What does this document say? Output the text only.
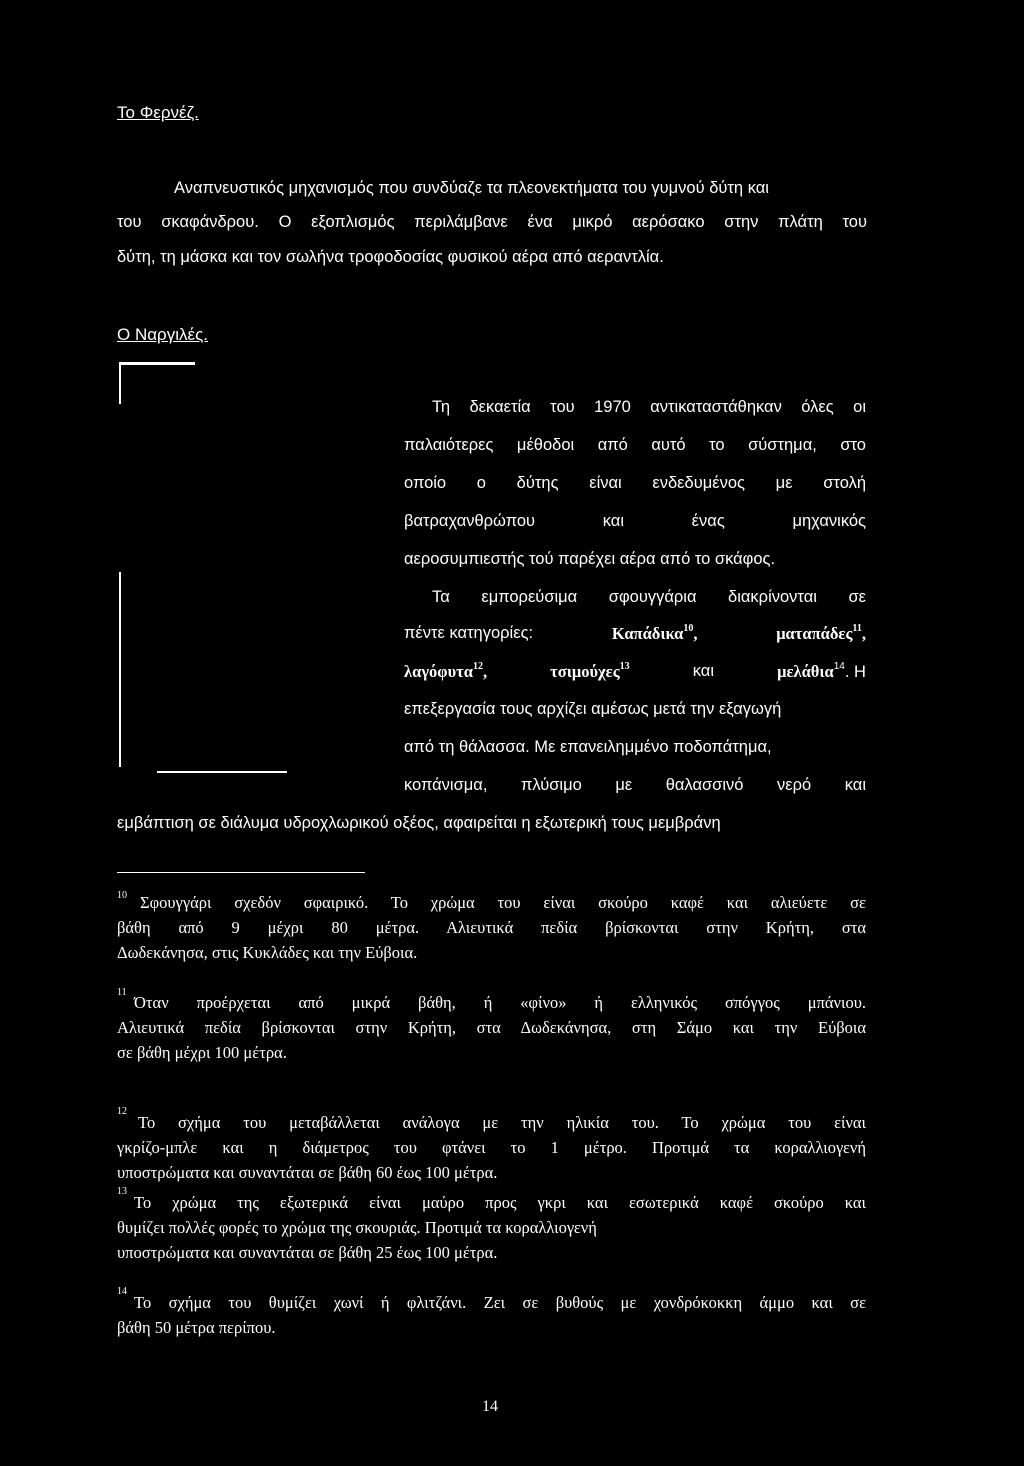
Το Φερνέζ.
Αναπνευστικός μηχανισμός που συνδύαζε τα πλεονεκτήματα του γυμνού δύτη και
του σκαφάνδρου. Ο εξοπλισμός περιλάμβανε ένα μικρό αερόσακο στην πλάτη του
δύτη, τη μάσκα και τον σωλήνα τροφοδοσίας φυσικού αέρα από αεραντλία.
Ο Ναργιλές.
Τη δεκαετία του 1970 αντικαταστάθηκαν όλες οι
παλαιότερες μέθοδοι από αυτό το σύστημα, στο
οποίο ο δύτης είναι ενδεδυμένος με στολή
βατραχανθρώπου και ένας μηχανικός
αεροσυμπιεστής τού παρέχει αέρα από το σκάφος.
Τα εμπορεύσιμα σφουγγάρια διακρίνονται σε
πέντε κατηγορίες:	Καπάδικα$^{10}$,	ματαπάδες$^{11}$,
λαγόφυτα$^{12}$,	τσιμούχες$^{13}$	και	μελάθια$^{14}$. Η
επεξεργασία τους αρχίζει αμέσως μετά την εξαγωγή
από τη θάλασσα. Με επανειλημμένο ποδοπάτημα,
κοπάνισμα, πλύσιμο με θαλασσινό νερό και
εμβάπτιση σε διάλυμα υδροχλωρικού οξέος, αφαιρείται η εξωτερική τους μεμβράνη
$^{10}$ Σφουγγάρι σχεδόν σφαιρικό. Το χρώμα του είναι σκούρο καφέ και αλιεύετε σε
βάθη από 9 μέχρι 80 μέτρα. Αλιευτικά πεδία βρίσκονται στην Κρήτη, στα
Δωδεκάνησα, στις Κυκλάδες και την Εύβοια.
$^{11}$
Όταν προέρχεται από μικρά βάθη, ή «φίνο» ή ελληνικός σπόγγος μπάνιου.
Αλιευτικά πεδία βρίσκονται στην Κρήτη, στα Δωδεκάνησα, στη Σάμο και την Εύβοια
σε βάθη μέχρι 100 μέτρα.
$^{12}$
Το σχήμα του μεταβάλλεται ανάλογα με την ηλικία του. Το χρώμα του είναι
γκρίζο-μπλε και η διάμετρος του φτάνει το 1 μέτρο. Προτιμά τα κοραλλιογενή
υποστρώματα και συναντάται σε βάθη 60 έως 100 μέτρα.
$^{13}$
Το χρώμα της εξωτερικά είναι μαύρο προς γκρι και εσωτερικά καφέ σκούρο και
θυμίζει πολλές φορές το χρώμα της σκουριάς. Προτιμά τα κοραλλιογενή
υποστρώματα και συναντάται σε βάθη 25 έως 100 μέτρα.
$^{14}$
Το σχήμα του θυμίζει χωνί ή φλιτζάνι. Ζει σε βυθούς με χονδρόκοκκη άμμο και σε
βάθη 50 μέτρα περίπου.
14
